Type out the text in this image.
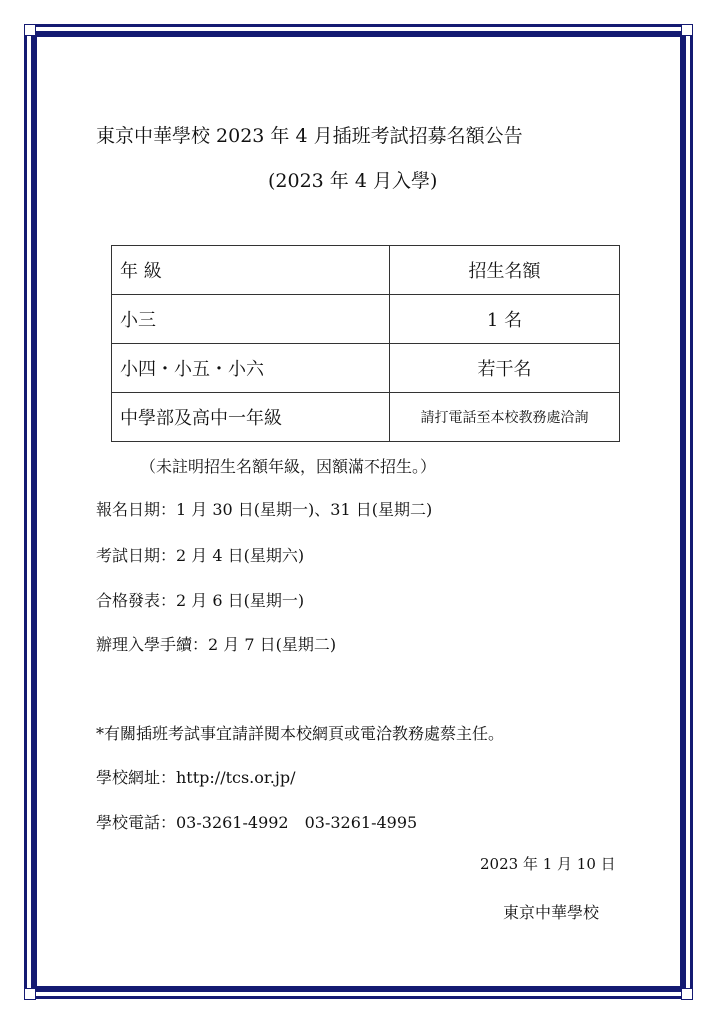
東京中華學校 2023 年 4 月插班考試招募名額公告
(2023 年 4 月入學)
年 級	招生名額
小三	1 名
小四・小五・小六	若干名
中學部及高中一年級	請打電話至本校教務處洽詢
（未註明招生名額年級，因額滿不招生。）
報名日期：1 月 30 日(星期一)、31 日(星期二)
考試日期：2 月 4 日(星期六)
合格發表：2 月 6 日(星期一)
辦理入學手續：2 月 7 日(星期二)
*有關插班考試事宜請詳閱本校網頁或電洽教務處蔡主任。
學校網址：http://tcs.or.jp/
學校電話：03-3261-4992　03-3261-4995
2023 年 1 月 10 日
東京中華學校
